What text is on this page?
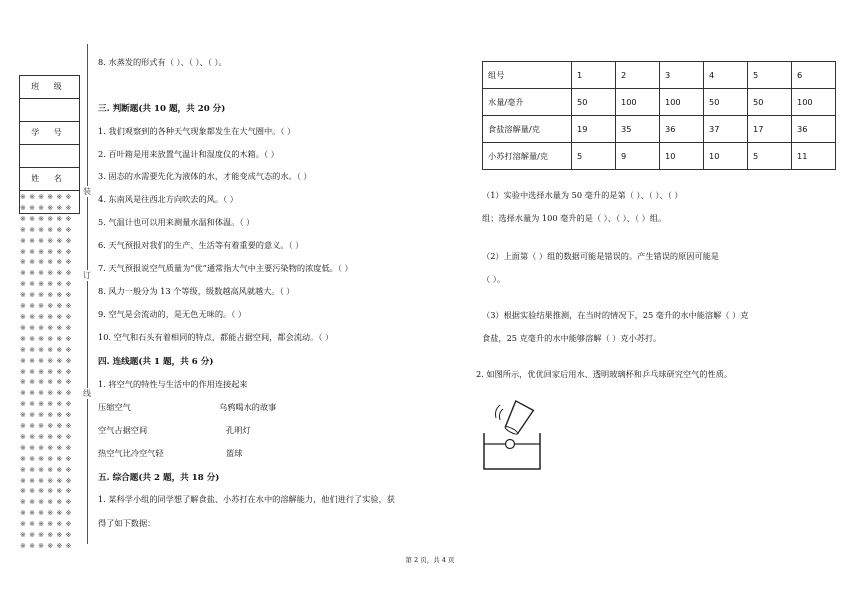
班 级
学 号
姓 名
※ ※ ※ ※ ※ ※
※ ※ ※ ※ ※ ※
※ ※ ※ ※ ※ ※
※ ※ ※ ※ ※ ※
※ ※ ※ ※ ※ ※
※ ※ ※ ※ ※ ※
※ ※ ※ ※ ※ ※
※ ※ ※ ※ ※ ※
※ ※ ※ ※ ※ ※
※ ※ ※ ※ ※ ※
※ ※ ※ ※ ※ ※
※ ※ ※ ※ ※ ※
※ ※ ※ ※ ※ ※
※ ※ ※ ※ ※ ※
※ ※ ※ ※ ※ ※
※ ※ ※ ※ ※ ※
※ ※ ※ ※ ※ ※
※ ※ ※ ※ ※ ※
※ ※ ※ ※ ※ ※
※ ※ ※ ※ ※ ※
※ ※ ※ ※ ※ ※
※ ※ ※ ※ ※ ※
※ ※ ※ ※ ※ ※
※ ※ ※ ※ ※ ※
※ ※ ※ ※ ※ ※
※ ※ ※ ※ ※ ※
※ ※ ※ ※ ※ ※
※ ※ ※ ※ ※ ※
※ ※ ※ ※ ※ ※
※ ※ ※ ※ ※ ※
※ ※ ※ ※ ※ ※
※ ※ ※ ※ ※ ※
※ ※ ※ ※ ※ ※
装
订
线
8. 水蒸发的形式有（ ）、（ ）、（ ）。
三. 判断题(共 10 题，共 20 分)
1. 我们观察到的各种天气现象都发生在大气圈中。（ ）
2. 百叶箱是用来放置气温计和湿度仪的木箱。（ ）
3. 固态的水需要先化为液体的水，才能变成气态的水。（ ）
4. 东南风是往西北方向吹去的风。（ ）
5. 气温计也可以用来测量水温和体温。（ ）
6. 天气预报对我们的生产、生活等有着重要的意义。（ ）
7. 天气预报说空气质量为“优”通常指大气中主要污染物的浓度低。（ ）
8. 风力一般分为 13 个等级，级数越高风就越大。（ ）
9. 空气是会流动的，是无色无味的。（ ）
10. 空气和石头有着相同的特点，都能占据空间，都会流动。（ ）
四. 连线题(共 1 题，共 6 分)
1. 将空气的特性与生活中的作用连接起来
压缩空气
空气占据空间
热空气比冷空气轻
乌鸦喝水的故事
孔明灯
篮球
五. 综合题(共 2 题，共 18 分)
1. 某科学小组的同学想了解食盐、小苏打在水中的溶解能力，他们进行了实验，获
得了如下数据：
组号	1	2	3	4	5	6
水量/毫升	50	100	100	50	50	100
食盐溶解量/克	19	35	36	37	17	36
小苏打溶解量/克	5	9	10	10	5	11
（1）实验中选择水量为 50 毫升的是第（ ）、（ ）、（ ）
组；选择水量为 100 毫升的是（ ）、（ ）、（ ）组。
（2）上面第（ ）组的数据可能是错误的。产生错误的原因可能是
（ ）。
（3）根据实验结果推测，在当时的情况下，25 毫升的水中能溶解（ ）克
食盐，25 克毫升的水中能够溶解（ ）克小苏打。
2. 如图所示，优优回家后用水、透明玻璃杯和乒乓球研究空气的性质。
第 2 页，共 4 页
